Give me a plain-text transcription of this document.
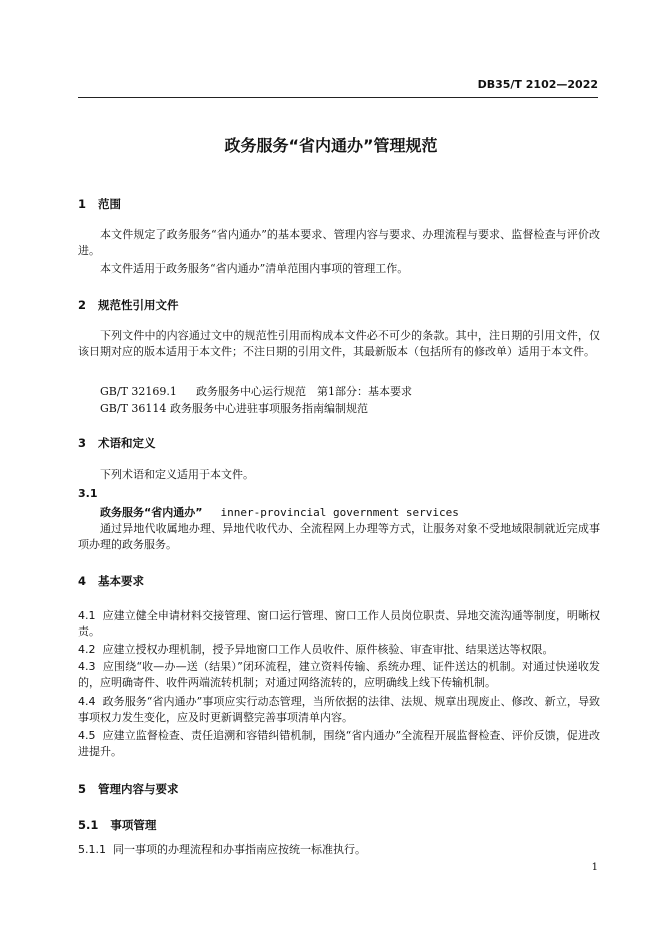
DB35/T 2102—2022
政务服务“省内通办”管理规范
1 范围
本文件规定了政务服务“省内通办”的基本要求、管理内容与要求、办理流程与要求、监督检查与评价改进。
本文件适用于政务服务“省内通办”清单范围内事项的管理工作。
2 规范性引用文件
下列文件中的内容通过文中的规范性引用而构成本文件必不可少的条款。其中，注日期的引用文件，仅该日期对应的版本适用于本文件；不注日期的引用文件，其最新版本（包括所有的修改单）适用于本文件。
GB/T 32169.1 政务服务中心运行规范　第1部分：基本要求
GB/T 36114 政务服务中心进驻事项服务指南编制规范
3 术语和定义
下列术语和定义适用于本文件。
3.1
政务服务“省内通办” inner-provincial government services
通过异地代收属地办理、异地代收代办、全流程网上办理等方式，让服务对象不受地域限制就近完成事项办理的政务服务。
4 基本要求
4.1 应建立健全申请材料交接管理、窗口运行管理、窗口工作人员岗位职责、异地交流沟通等制度，明晰权责。
4.2 应建立授权办理机制，授予异地窗口工作人员收件、原件核验、审查审批、结果送达等权限。
4.3 应围绕“收—办—送（结果）”闭环流程，建立资料传输、系统办理、证件送达的机制。对通过快递收发的，应明确寄件、收件两端流转机制；对通过网络流转的，应明确线上线下传输机制。
4.4 政务服务“省内通办”事项应实行动态管理，当所依据的法律、法规、规章出现废止、修改、新立，导致事项权力发生变化，应及时更新调整完善事项清单内容。
4.5 应建立监督检查、责任追溯和容错纠错机制，围绕“省内通办”全流程开展监督检查、评价反馈，促进改进提升。
5 管理内容与要求
5.1 事项管理
5.1.1 同一事项的办理流程和办事指南应按统一标准执行。
1
